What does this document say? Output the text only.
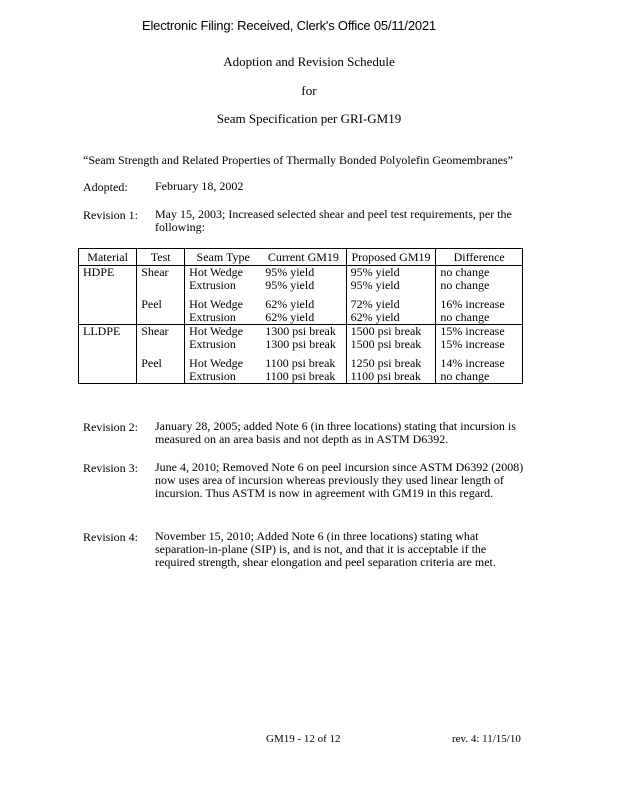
Electronic Filing: Received, Clerk's Office 05/11/2021
Adoption and Revision Schedule
for
Seam Specification per GRI-GM19
“Seam Strength and Related Properties of Thermally Bonded Polyolefin Geomembranes”
Adopted: February 18, 2002
Revision 1: May 15, 2003; Increased selected shear and peel test requirements, per the following:
Material	Test	Seam Type	Current GM19	Proposed GM19	Difference
HDPE	Shear	Hot Wedge	95% yield	95% yield	no change
		Extrusion	95% yield	95% yield	no change

	Peel	Hot Wedge	62% yield	72% yield	16% increase
		Extrusion	62% yield	62% yield	no change
LLDPE	Shear	Hot Wedge	1300 psi break	1500 psi break	15% increase
		Extrusion	1300 psi break	1500 psi break	15% increase

	Peel	Hot Wedge	1100 psi break	1250 psi break	14% increase
		Extrusion	1100 psi break	1100 psi break	no change
Revision 2: January 28, 2005; added Note 6 (in three locations) stating that incursion is measured on an area basis and not depth as in ASTM D6392.
Revision 3: June 4, 2010; Removed Note 6 on peel incursion since ASTM D6392 (2008) now uses area of incursion whereas previously they used linear length of incursion. Thus ASTM is now in agreement with GM19 in this regard.
Revision 4: November 15, 2010; Added Note 6 (in three locations) stating what separation-in-plane (SIP) is, and is not, and that it is acceptable if the required strength, shear elongation and peel separation criteria are met.
GM19 - 12 of 12	rev. 4: 11/15/10
